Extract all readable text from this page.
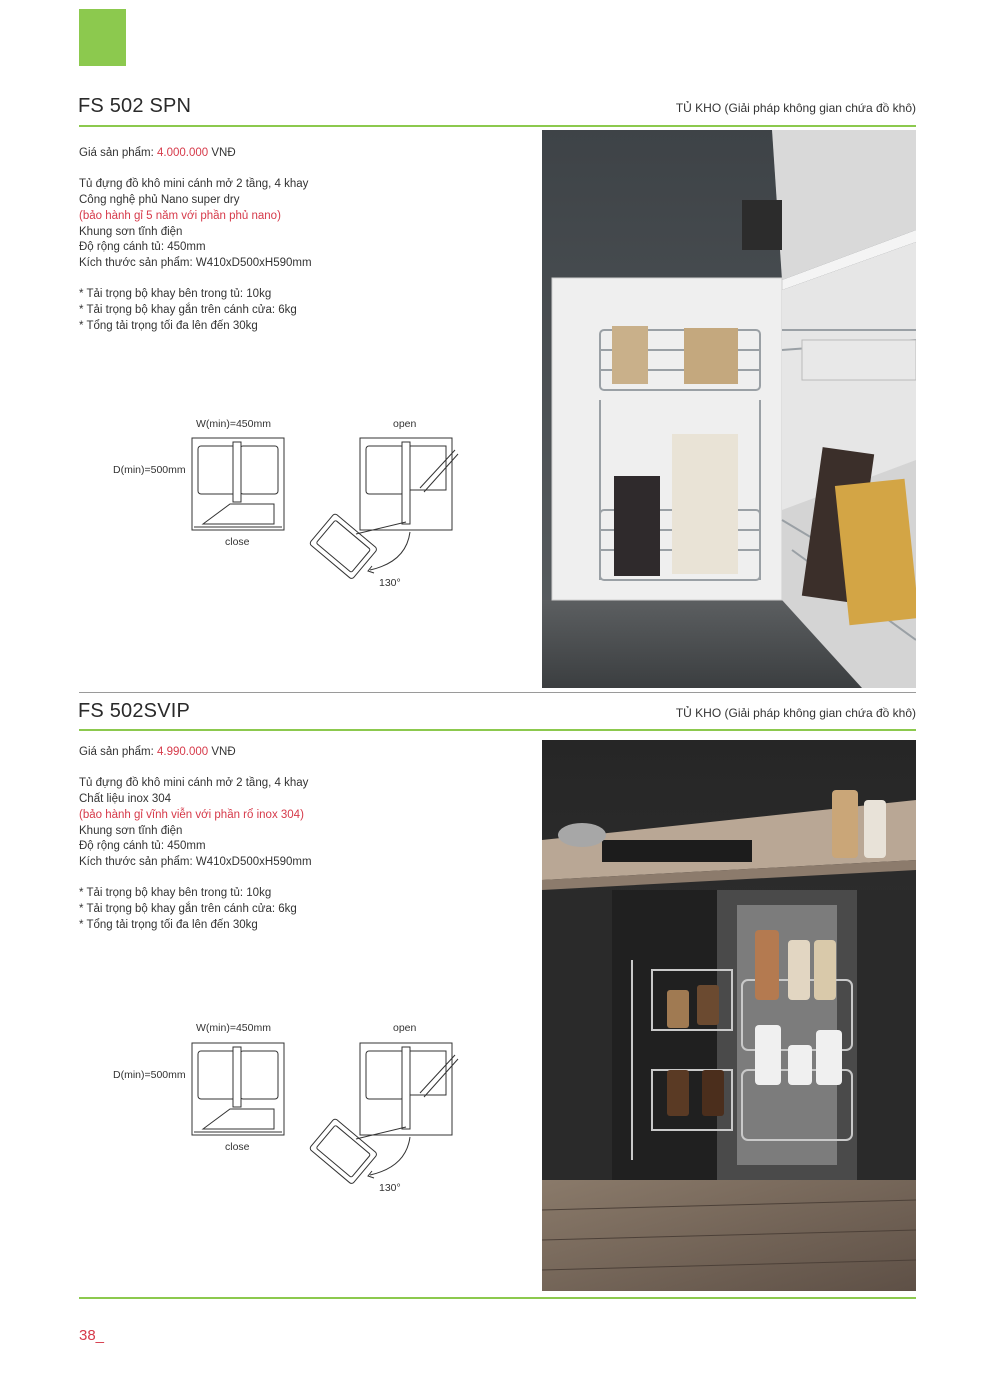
FS 502 SPN	TỦ KHO (Giải pháp không gian chứa đồ khô)

Giá sản phẩm: 4.000.000 VNĐ

Tủ đựng đồ khô mini cánh mở 2 tầng, 4 khay

Công nghệ phủ Nano super dry

(bảo hành gỉ 5 năm với phần phủ nano)

Khung sơn tĩnh điện

Độ rộng cánh tủ: 450mm

Kích thước sản phẩm: W410xD500xH590mm

* Tải trọng bộ khay bên trong tủ: 10kg

* Tải trọng bộ khay gắn trên cánh cửa: 6kg

* Tổng tải trọng tối đa lên đến 30kg

W(min)=450mm
D(min)=500mm
close
open
130°
FS 502SVIP	TỦ KHO (Giải pháp không gian chứa đồ khô)

Giá sản phẩm: 4.990.000 VNĐ

Tủ đựng đồ khô mini cánh mở 2 tầng, 4 khay

Chất liệu inox 304

(bảo hành gỉ vĩnh viễn với phần rổ inox 304)

Khung sơn tĩnh điện

Độ rộng cánh tủ: 450mm

Kích thước sản phẩm: W410xD500xH590mm

* Tải trọng bộ khay bên trong tủ: 10kg

* Tải trọng bộ khay gắn trên cánh cửa: 6kg

* Tổng tải trọng tối đa lên đến 30kg

W(min)=450mm
D(min)=500mm
close
open
130°
38_
